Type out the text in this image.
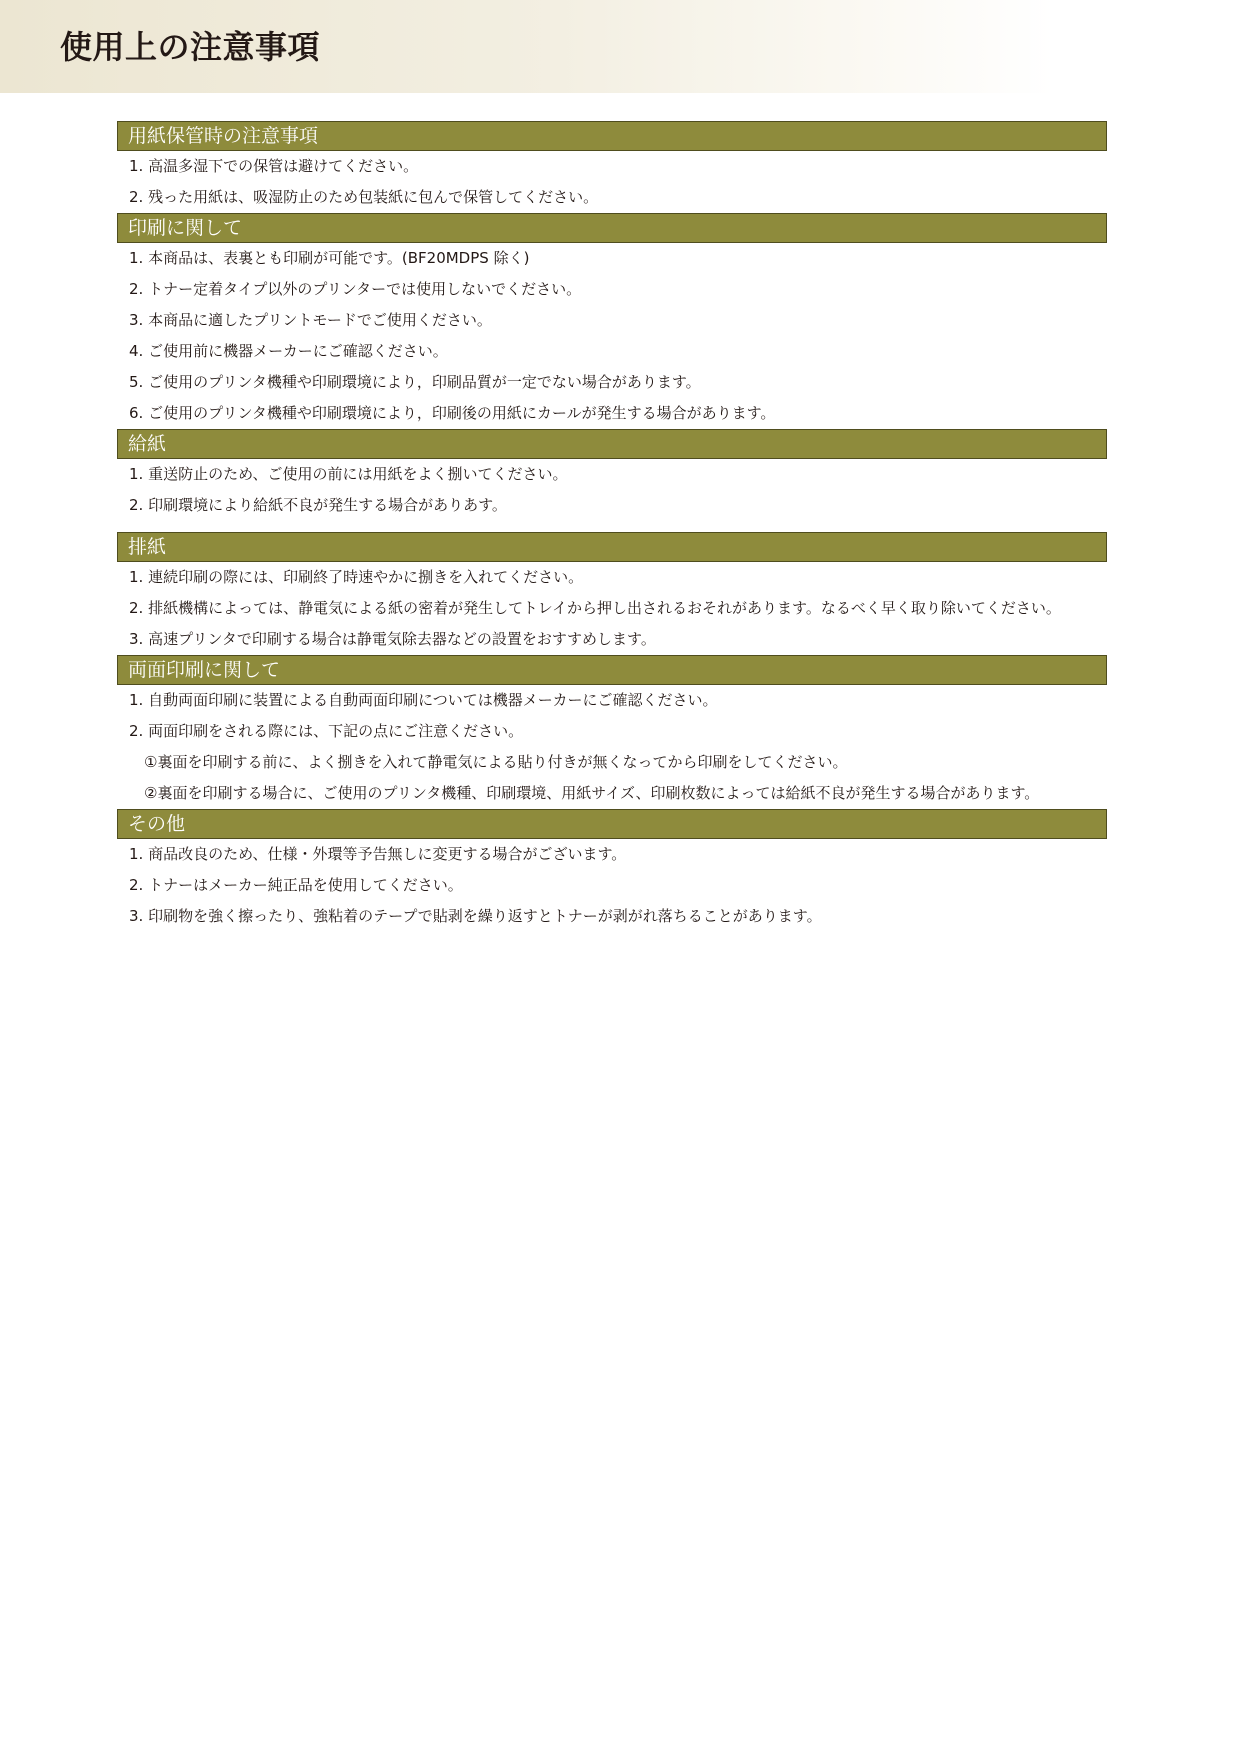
使用上の注意事項
用紙保管時の注意事項
1. 高温多湿下での保管は避けてください。
2. 残った用紙は、吸湿防止のため包装紙に包んで保管してください。
印刷に関して
1. 本商品は、表裏とも印刷が可能です。(BF20MDPS 除く)
2. トナー定着タイプ以外のプリンターでは使用しないでください。
3. 本商品に適したプリントモードでご使用ください。
4. ご使用前に機器メーカーにご確認ください。
5. ご使用のプリンタ機種や印刷環境により，印刷品質が一定でない場合があります。
6. ご使用のプリンタ機種や印刷環境により，印刷後の用紙にカールが発生する場合があります。
給紙
1. 重送防止のため、ご使用の前には用紙をよく捌いてください。
2. 印刷環境により給紙不良が発生する場合がありあす。
排紙
1. 連続印刷の際には、印刷終了時速やかに捌きを入れてください。
2. 排紙機構によっては、静電気による紙の密着が発生してトレイから押し出されるおそれがあります。なるべく早く取り除いてください。
3. 高速プリンタで印刷する場合は静電気除去器などの設置をおすすめします。
両面印刷に関して
1. 自動両面印刷に装置による自動両面印刷については機器メーカーにご確認ください。
2. 両面印刷をされる際には、下記の点にご注意ください。
①裏面を印刷する前に、よく捌きを入れて静電気による貼り付きが無くなってから印刷をしてください。
②裏面を印刷する場合に、ご使用のプリンタ機種、印刷環境、用紙サイズ、印刷枚数によっては給紙不良が発生する場合があります。
その他
1. 商品改良のため、仕様・外環等予告無しに変更する場合がございます。
2. トナーはメーカー純正品を使用してください。
3. 印刷物を強く擦ったり、強粘着のテープで貼剥を繰り返すとトナーが剥がれ落ちることがあります。
